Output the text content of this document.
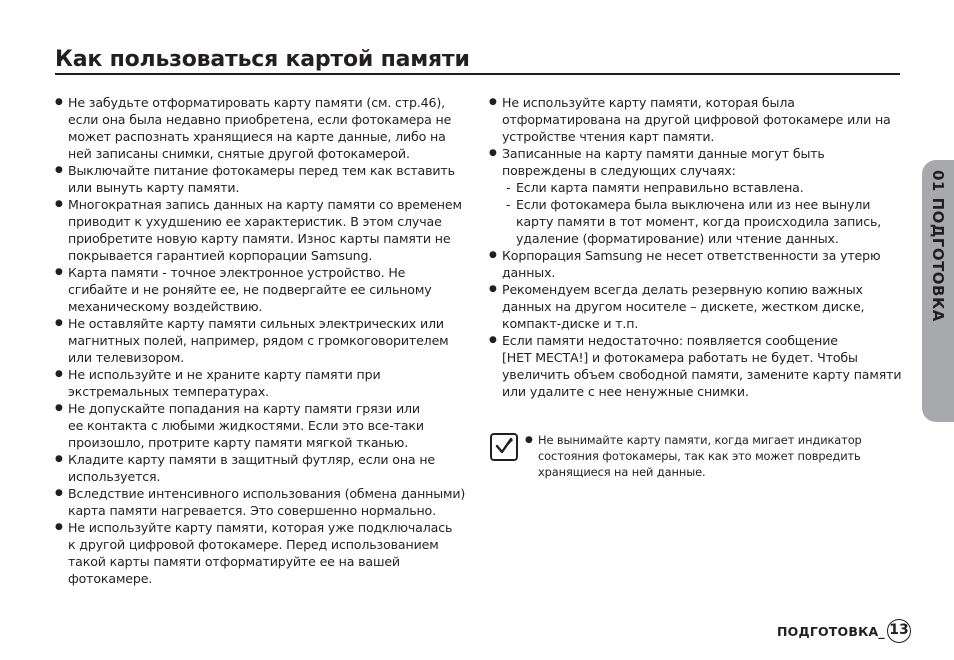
Как пользоваться картой памяти
● Не забудьте отформатировать карту памяти (см. стр.46),
если она была недавно приобретена, если фотокамера не
может распознать хранящиеся на карте данные, либо на
ней записаны снимки, снятые другой фотокамерой.
● Выключайте питание фотокамеры перед тем как вставить
или вынуть карту памяти.
● Многократная запись данных на карту памяти со временем
приводит к ухудшению ее характеристик. В этом случае
приобретите новую карту памяти. Износ карты памяти не
покрывается гарантией корпорации Samsung.
● Карта памяти - точное электронное устройство. Не
сгибайте и не роняйте ее, не подвергайте ее сильному
механическому воздействию.
● Не оставляйте карту памяти сильных электрических или
магнитных полей, например, рядом с громкоговорителем
или телевизором.
● Не используйте и не храните карту памяти при
экстремальных температурах.
● Не допускайте попадания на карту памяти грязи или
ее контакта с любыми жидкостями. Если это все-таки
произошло, протрите карту памяти мягкой тканью.
● Кладите карту памяти в защитный футляр, если она не
используется.
● Вследствие интенсивного использования (обмена данными)
карта памяти нагревается. Это совершенно нормально.
● Не используйте карту памяти, которая уже подключалась
к другой цифровой фотокамере. Перед использованием
такой карты памяти отформатируйте ее на вашей
фотокамере.
● Не используйте карту памяти, которая была
отформатирована на другой цифровой фотокамере или на
устройстве чтения карт памяти.
● Записанные на карту памяти данные могут быть
повреждены в следующих случаях:
- Если карта памяти неправильно вставлена.
- Если фотокамера была выключена или из нее вынули
карту памяти в тот момент, когда происходила запись,
удаление (форматирование) или чтение данных.
● Корпорация Samsung не несет ответственности за утерю
данных.
● Рекомендуем всегда делать резервную копию важных
данных на другом носителе – дискете, жестком диске,
компакт-диске и т.п.
● Если памяти недостаточно: появляется сообщение
[НЕТ МЕСТА!] и фотокамера работать не будет. Чтобы
увеличить объем свободной памяти, замените карту памяти
или удалите с нее ненужные снимки.
● Не вынимайте карту памяти, когда мигает индикатор
состояния фотокамеры, так как это может повредить
хранящиеся на ней данные.
01 ПОДГОТОВКА
ПОДГОТОВКА_ 13
